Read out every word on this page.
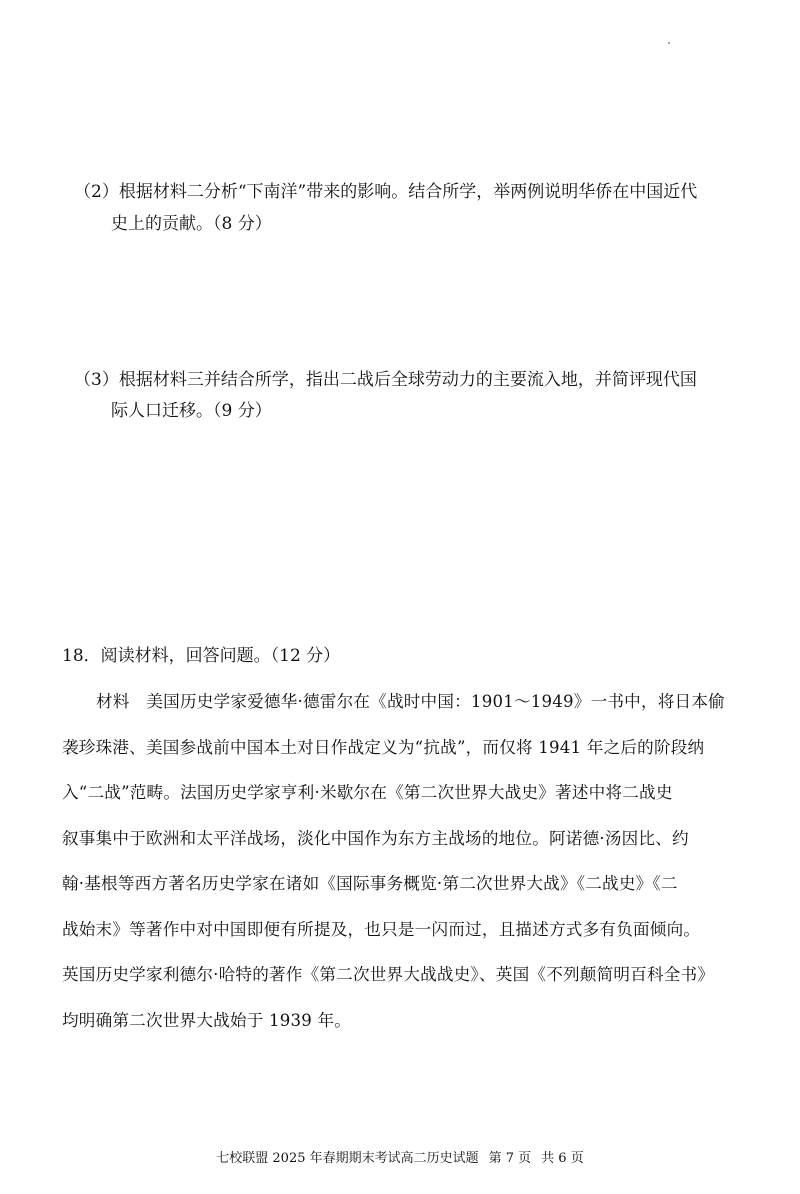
（2）根据材料二分析“下南洋”带来的影响。结合所学，举两例说明华侨在中国近代
史上的贡献。（8 分）
（3）根据材料三并结合所学，指出二战后全球劳动力的主要流入地，并简评现代国
际人口迁移。（9 分）
18．阅读材料，回答问题。（12 分）
材料　美国历史学家爱德华·德雷尔在《战时中国：1901～1949》一书中，将日本偷
袭珍珠港、美国参战前中国本土对日作战定义为“抗战”，而仅将 1941 年之后的阶段纳
入“二战”范畴。法国历史学家亨利·米歇尔在《第二次世界大战史》著述中将二战史
叙事集中于欧洲和太平洋战场，淡化中国作为东方主战场的地位。阿诺德·汤因比、约
翰·基根等西方著名历史学家在诸如《国际事务概览·第二次世界大战》《二战史》《二
战始末》等著作中对中国即便有所提及，也只是一闪而过，且描述方式多有负面倾向。
英国历史学家利德尔·哈特的著作《第二次世界大战战史》、英国《不列颠简明百科全书》
均明确第二次世界大战始于 1939 年。
七校联盟 2025 年春期期末考试高二历史试题 第 7 页 共 6 页
